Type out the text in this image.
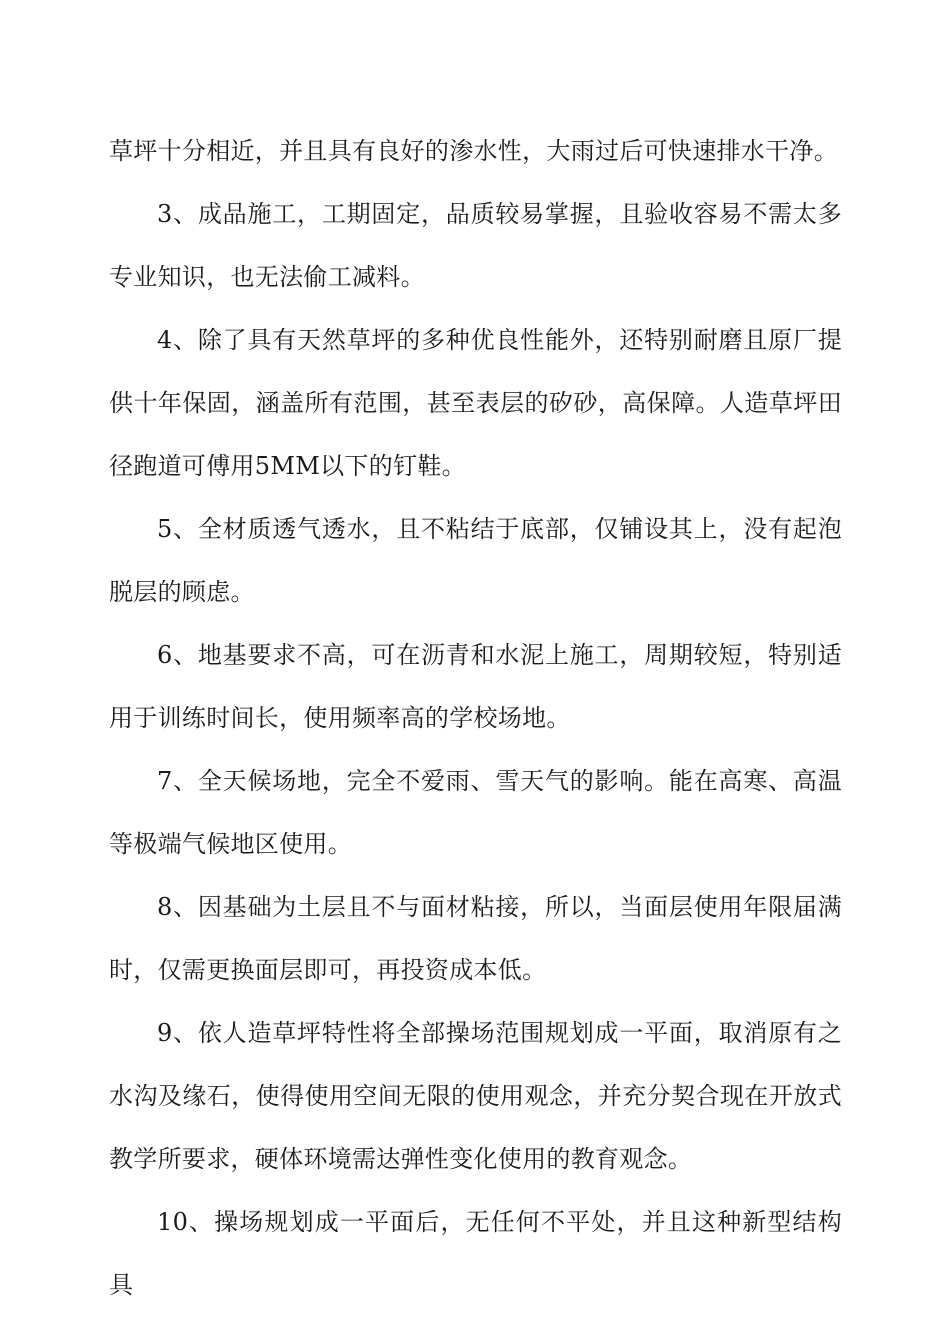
草坪十分相近，并且具有良好的渗水性，大雨过后可快速排水干净。

3、成品施工，工期固定，品质较易掌握，且验收容易不需太多专业知识，也无法偷工减料。

4、除了具有天然草坪的多种优良性能外，还特别耐磨且原厂提供十年保固，涵盖所有范围，甚至表层的矽砂，高保障。人造草坪田径跑道可傅用5MM以下的钉鞋。

5、全材质透气透水，且不粘结于底部，仅铺设其上，没有起泡脱层的顾虑。

6、地基要求不高，可在沥青和水泥上施工，周期较短，特别适用于训练时间长，使用频率高的学校场地。

7、全天候场地，完全不爱雨、雪天气的影响。能在高寒、高温等极端气候地区使用。

8、因基础为土层且不与面材粘接，所以，当面层使用年限届满时，仅需更换面层即可，再投资成本低。

9、依人造草坪特性将全部操场范围规划成一平面，取消原有之水沟及缘石，使得使用空间无限的使用观念，并充分契合现在开放式教学所要求，硬体环境需达弹性变化使用的教育观念。

10、操场规划成一平面后，无任何不平处，并且这种新型结构具
